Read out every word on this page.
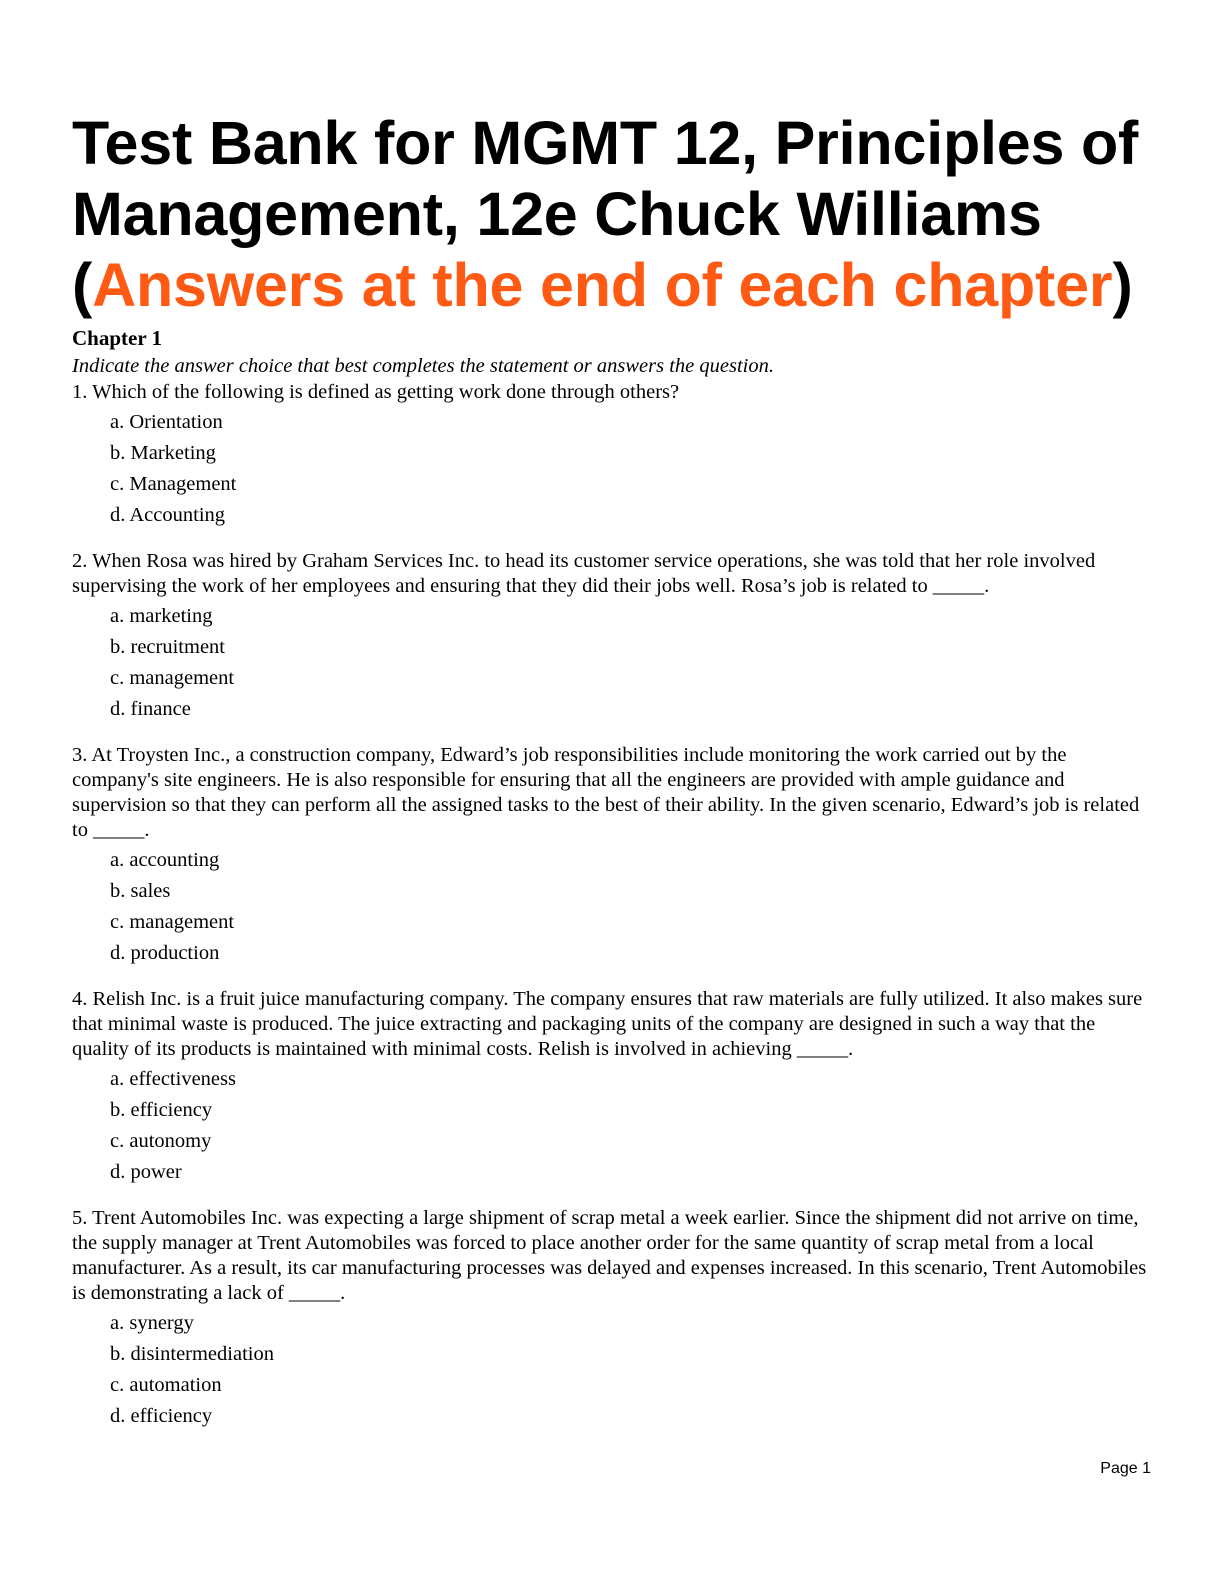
Test Bank for MGMT 12, Principles of
Management, 12e Chuck Williams
(Answers at the end of each chapter)
Chapter 1
Indicate the answer choice that best completes the statement or answers the question.

1. Which of the following is defined as getting work done through others?

a. Orientation
b. Marketing
c. Management
d. Accounting

2. When Rosa was hired by Graham Services Inc. to head its customer service operations, she was told that her role involved supervising the work of her employees and ensuring that they did their jobs well. Rosa’s job is related to _____.

a. marketing
b. recruitment
c. management
d. finance

3. At Troysten Inc., a construction company, Edward’s job responsibilities include monitoring the work carried out by the company's site engineers. He is also responsible for ensuring that all the engineers are provided with ample guidance and supervision so that they can perform all the assigned tasks to the best of their ability. In the given scenario, Edward’s job is related to _____.

a. accounting
b. sales
c. management
d. production

4. Relish Inc. is a fruit juice manufacturing company. The company ensures that raw materials are fully utilized. It also makes sure that minimal waste is produced. The juice extracting and packaging units of the company are designed in such a way that the quality of its products is maintained with minimal costs. Relish is involved in achieving _____.

a. effectiveness
b. efficiency
c. autonomy
d. power

5. Trent Automobiles Inc. was expecting a large shipment of scrap metal a week earlier. Since the shipment did not arrive on time, the supply manager at Trent Automobiles was forced to place another order for the same quantity of scrap metal from a local manufacturer. As a result, its car manufacturing processes was delayed and expenses increased. In this scenario, Trent Automobiles is demonstrating a lack of _____.

a. synergy
b. disintermediation
c. automation
d. efficiency
Page 1
